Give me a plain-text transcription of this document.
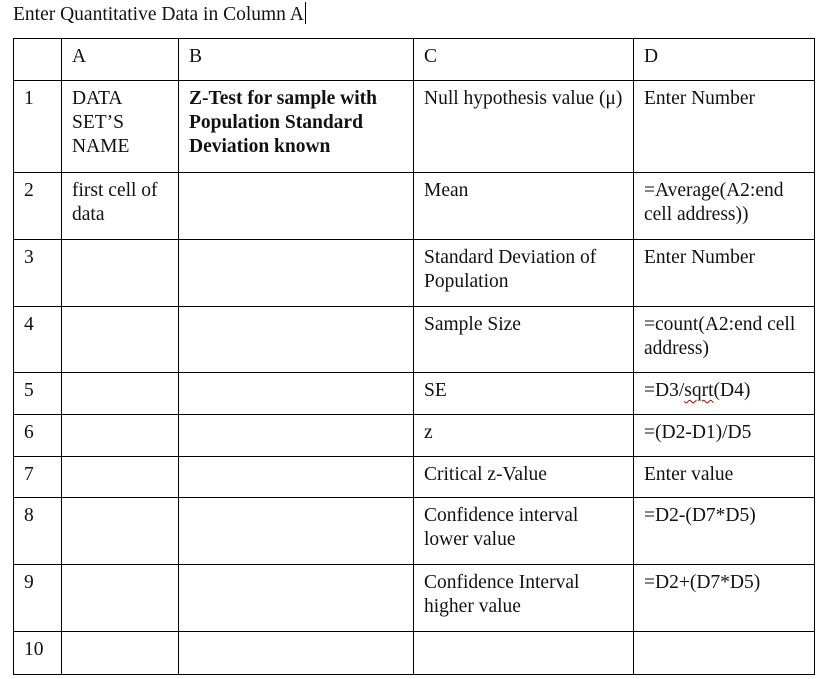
Enter Quantitative Data in Column A
	A	B	C	D
1	DATA SET’S NAME	Z-Test for sample with Population Standard Deviation known	Null hypothesis value (μ)	Enter Number
2	first cell of data		Mean	=Average(A2:end cell address))
3			Standard Deviation of Population	Enter Number
4			Sample Size	=count(A2:end cell address)
5			SE	=D3/sqrt(D4)
6			z	=(D2-D1)/D5
7			Critical z-Value	Enter value
8			Confidence interval lower value	=D2-(D7*D5)
9			Confidence Interval higher value	=D2+(D7*D5)
10				
